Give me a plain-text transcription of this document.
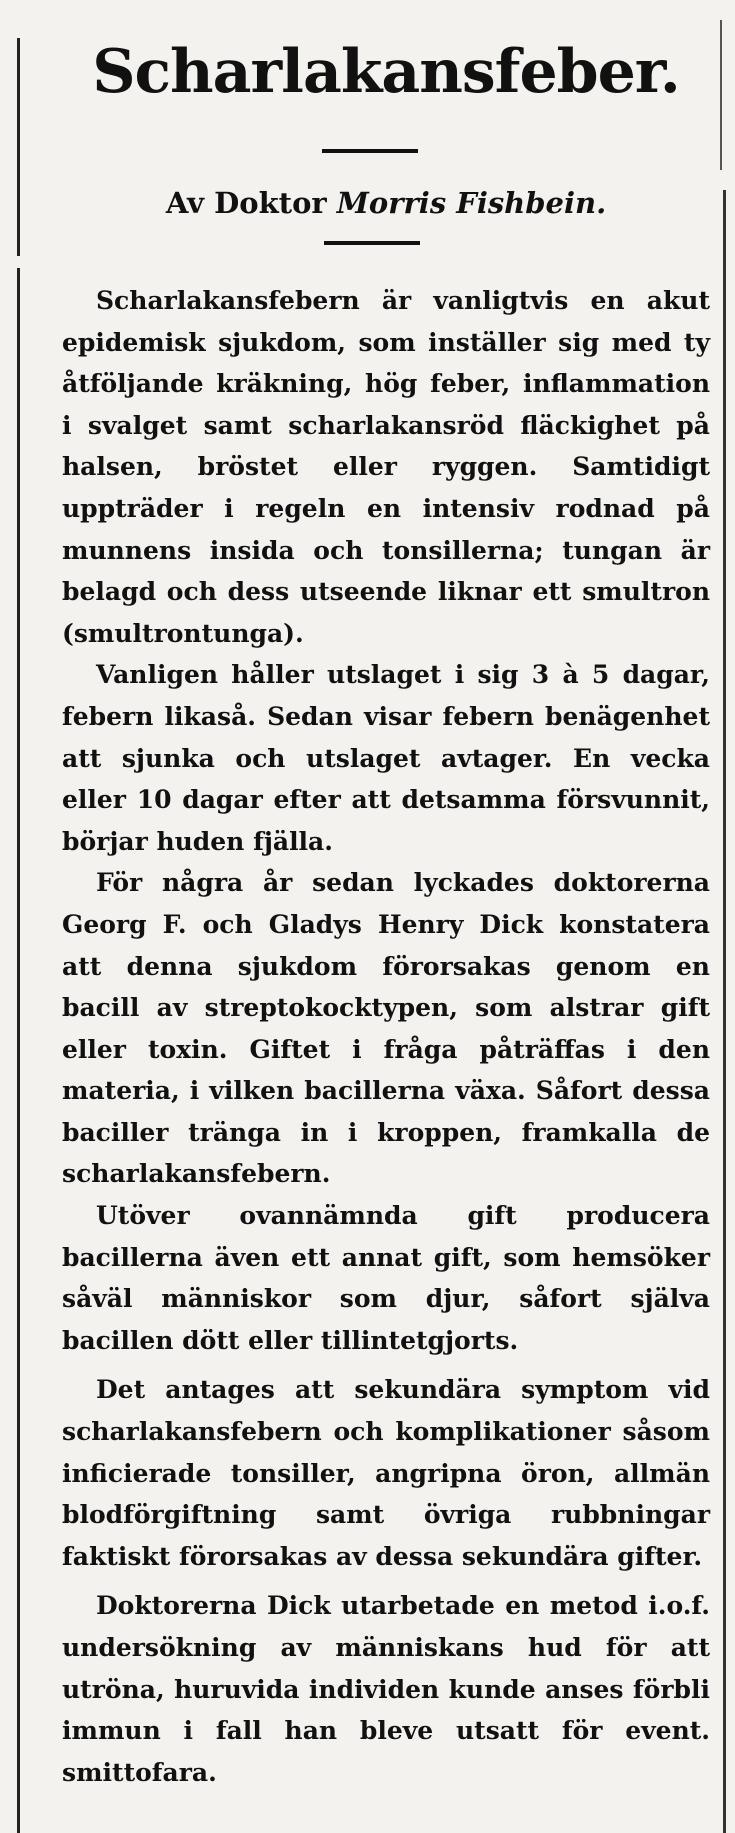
Scharlakansfeber.
Av Doktor Morris Fishbein.

Scharlakansfebern är vanligtvis en akut epidemisk sjukdom, som inställer sig med ty åtföljande kräkning, hög feber, inflammation i svalget samt scharlakansröd fläckighet på halsen, bröstet eller ryggen. Samtidigt uppträder i regeln en intensiv rodnad på munnens insida och tonsillerna; tungan är belagd och dess utseende liknar ett smultron (smultrontunga).

Vanligen håller utslaget i sig 3 à 5 dagar, febern likaså. Sedan visar febern benägenhet att sjunka och utslaget avtager. En vecka eller 10 dagar efter att detsamma försvunnit, börjar huden fjälla.

För några år sedan lyckades doktorerna Georg F. och Gladys Henry Dick konstatera att denna sjukdom förorsakas genom en bacill av streptokocktypen, som alstrar gift eller toxin. Giftet i fråga påträffas i den materia, i vilken bacillerna växa. Såfort dessa baciller tränga in i kroppen, framkalla de scharlakansfebern.

Utöver ovannämnda gift producera bacillerna även ett annat gift, som hemsöker såväl människor som djur, såfort själva bacillen dött eller tillintetgjorts.

Det antages att sekundära symptom vid scharlakansfebern och komplikationer såsom inficierade tonsiller, angripna öron, allmän blodförgiftning samt övriga rubbningar faktiskt förorsakas av dessa sekundära gifter.

Doktorerna Dick utarbetade en metod i.o.f. undersökning av människans hud för att utröna, huruvida individen kunde anses förbli immun i fall han bleve utsatt för event. smittofara.
